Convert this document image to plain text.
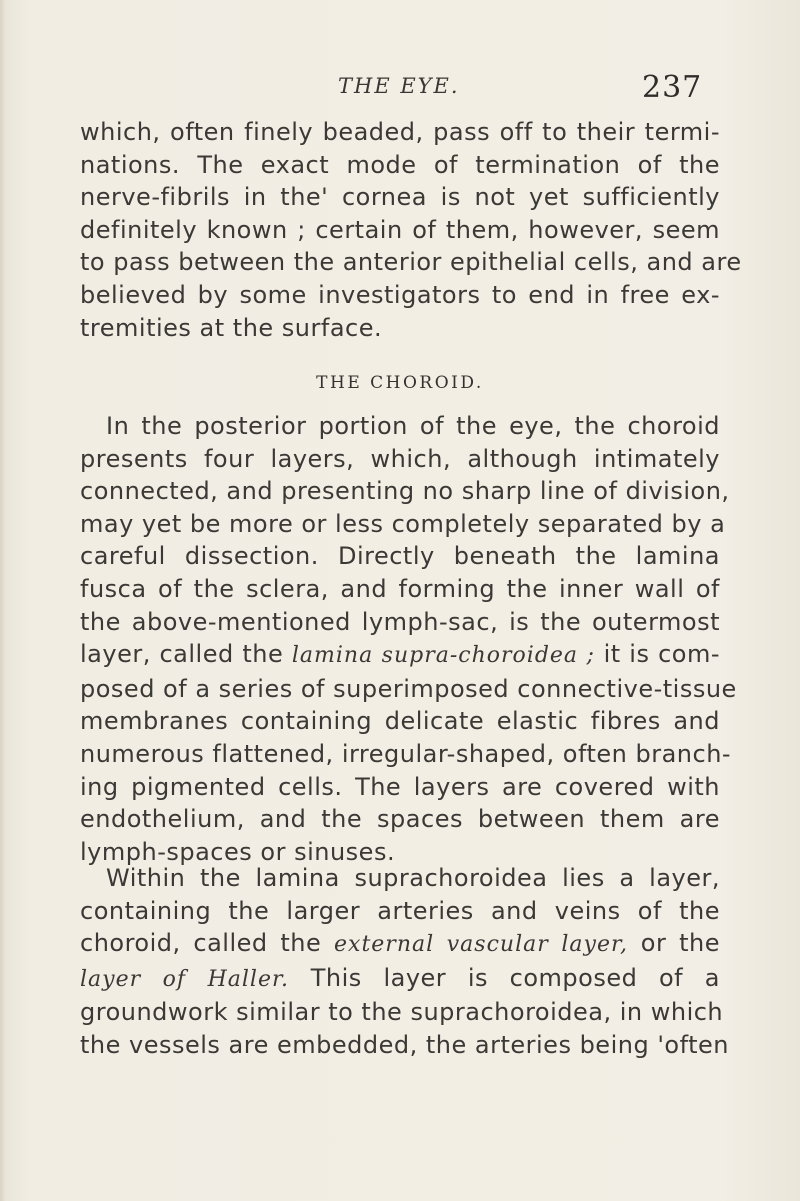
THE EYE.	237
which, often finely beaded, pass off to their termi-
nations. The exact mode of termination of the
nerve-fibrils in the' cornea is not yet sufficiently
definitely known ; certain of them, however, seem
to pass between the anterior epithelial cells, and are
believed by some investigators to end in free ex-
tremities at the surface.
THE CHOROID.
In the posterior portion of the eye, the choroid
presents four layers, which, although intimately
connected, and presenting no sharp line of division,
may yet be more or less completely separated by a
careful dissection. Directly beneath the lamina
fusca of the sclera, and forming the inner wall of
the above-mentioned lymph-sac, is the outermost
layer, called the lamina supra-choroidea ; it is com-
posed of a series of superimposed connective-tissue
membranes containing delicate elastic fibres and
numerous flattened, irregular-shaped, often branch-
ing pigmented cells. The layers are covered with
endothelium, and the spaces between them are
lymph-spaces or sinuses.
Within the lamina suprachoroidea lies a layer,
containing the larger arteries and veins of the
choroid, called the external vascular layer, or the
layer of Haller. This layer is composed of a
groundwork similar to the suprachoroidea, in which
the vessels are embedded, the arteries being 'often
